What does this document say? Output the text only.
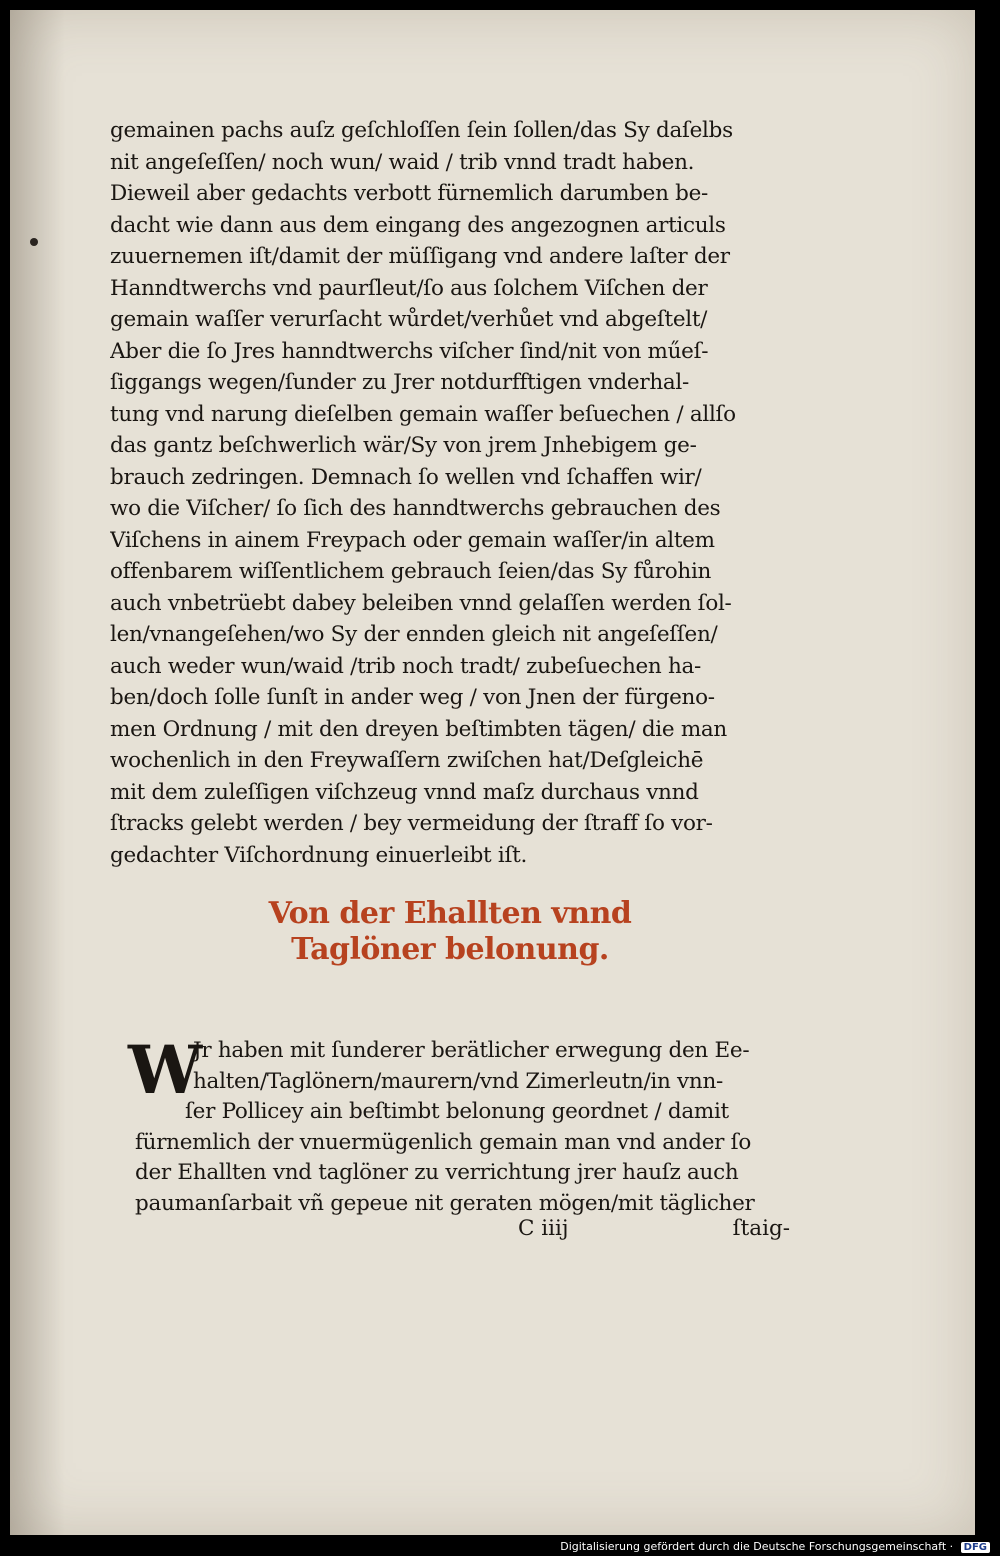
gemainen pachs auſz geſchloſſen ſein ſollen/das Sy daſelbs
nit angeſeſſen/ noch wun/ waid / trib vnnd tradt haben.
Dieweil aber gedachts verbott fürnemlich darumben be-
dacht wie dann aus dem eingang des angezognen articuls
zuuernemen iſt/damit der müſſigang vnd andere laſter der
Hanndtwerchs vnd paurſleut/ſo aus ſolchem Viſchen der
gemain waſſer verurſacht wůrdet/verhůet vnd abgeſtelt/
Aber die ſo Jres hanndtwerchs viſcher ſind/nit von műeſ-
ſiggangs wegen/ſunder zu Jrer notdurfftigen vnderhal-
tung vnd narung dieſelben gemain waſſer beſuechen / allſo
das gantz beſchwerlich wär/Sy von jrem Jnhebigem ge-
brauch zedringen. Demnach ſo wellen vnd ſchaffen wir/
wo die Viſcher/ ſo ſich des hanndtwerchs gebrauchen des
Viſchens in ainem Freypach oder gemain waſſer/in altem
offenbarem wiſſentlichem gebrauch ſeien/das Sy fůrohin
auch vnbetrüebt dabey beleiben vnnd gelaſſen werden ſol-
len/vnangeſehen/wo Sy der ennden gleich nit angeſeſſen/
auch weder wun/waid /trib noch tradt/ zubeſuechen ha-
ben/doch ſolle ſunſt in ander weg / von Jnen der fürgeno-
men Ordnung / mit den dreyen beſtimbten tägen/ die man
wochenlich in den Freywaſſern zwiſchen hat/Deſgleichē
mit dem zuleſſigen viſchzeug vnnd maſz durchaus vnnd
ſtracks gelebt werden / bey vermeidung der ſtraff ſo vor-
gedachter Viſchordnung einuerleibt iſt.
Von der Ehallten vnnd
Taglöner belonung.
W
Jr haben mit ſunderer berätlicher erwegung den Ee-
halten/Taglönern/maurern/vnd Zimerleutn/in vnn-
ſer Pollicey ain beſtimbt belonung geordnet / damit
fürnemlich der vnuermügenlich gemain man vnd ander ſo
der Ehallten vnd taglöner zu verrichtung jrer hauſz auch
paumanſarbait vñ gepeue nit geraten mögen/mit täglicher
C iiij	ſtaig-
Digitalisierung gefördert durch die Deutsche Forschungsgemeinschaft · DFG
